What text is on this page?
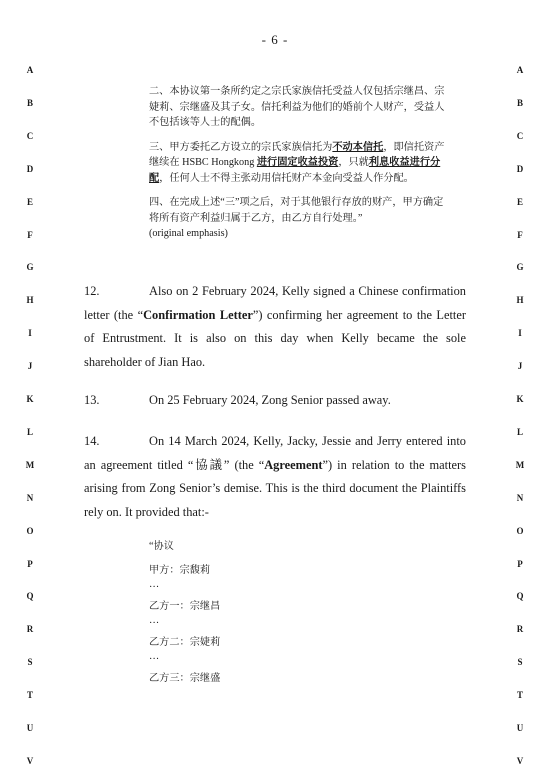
- 6 -
A	A
B	B
C	C
D	D
E	E
F	F
G	G
H	H
I	I
J	J
K	K
L	L
M	M
N	N
O	O
P	P
Q	Q
R	R
S	S
T	T
U	U
V	V

二、本协议第一条所约定之宗氏家族信托受益人仅包括宗继昌、宗婕莉、宗继盛及其子女。信托利益为他们的婚前个人财产，受益人不包括该等人士的配偶。

三、甲方委托乙方设立的宗氏家族信托为不动本信托，即信托资产继续在 HSBC Hongkong 进行固定收益投资，只就利息收益进行分配，任何人士不得主张动用信托财产本金向受益人作分配。

四、在完成上述“三”项之后，对于其他银行存放的财产，甲方确定将所有资产利益归属于乙方，由乙方自行处理。”

(original emphasis)

12.	Also on 2 February 2024, Kelly signed a Chinese confirmation letter (the “Confirmation Letter”) confirming her agreement to the Letter of Entrustment. It is also on this day when Kelly became the sole shareholder of Jian Hao.

13.	On 25 February 2024, Zong Senior passed away.

14.	On 14 March 2024, Kelly, Jacky, Jessie and Jerry entered into an agreement titled “協議” (the “Agreement”) in relation to the matters arising from Zong Senior’s demise. This is the third document the Plaintiffs rely on. It provided that:-

“协议
甲方：宗馥莉
…
乙方一：宗继昌
…
乙方二：宗婕莉
…
乙方三：宗继盛
